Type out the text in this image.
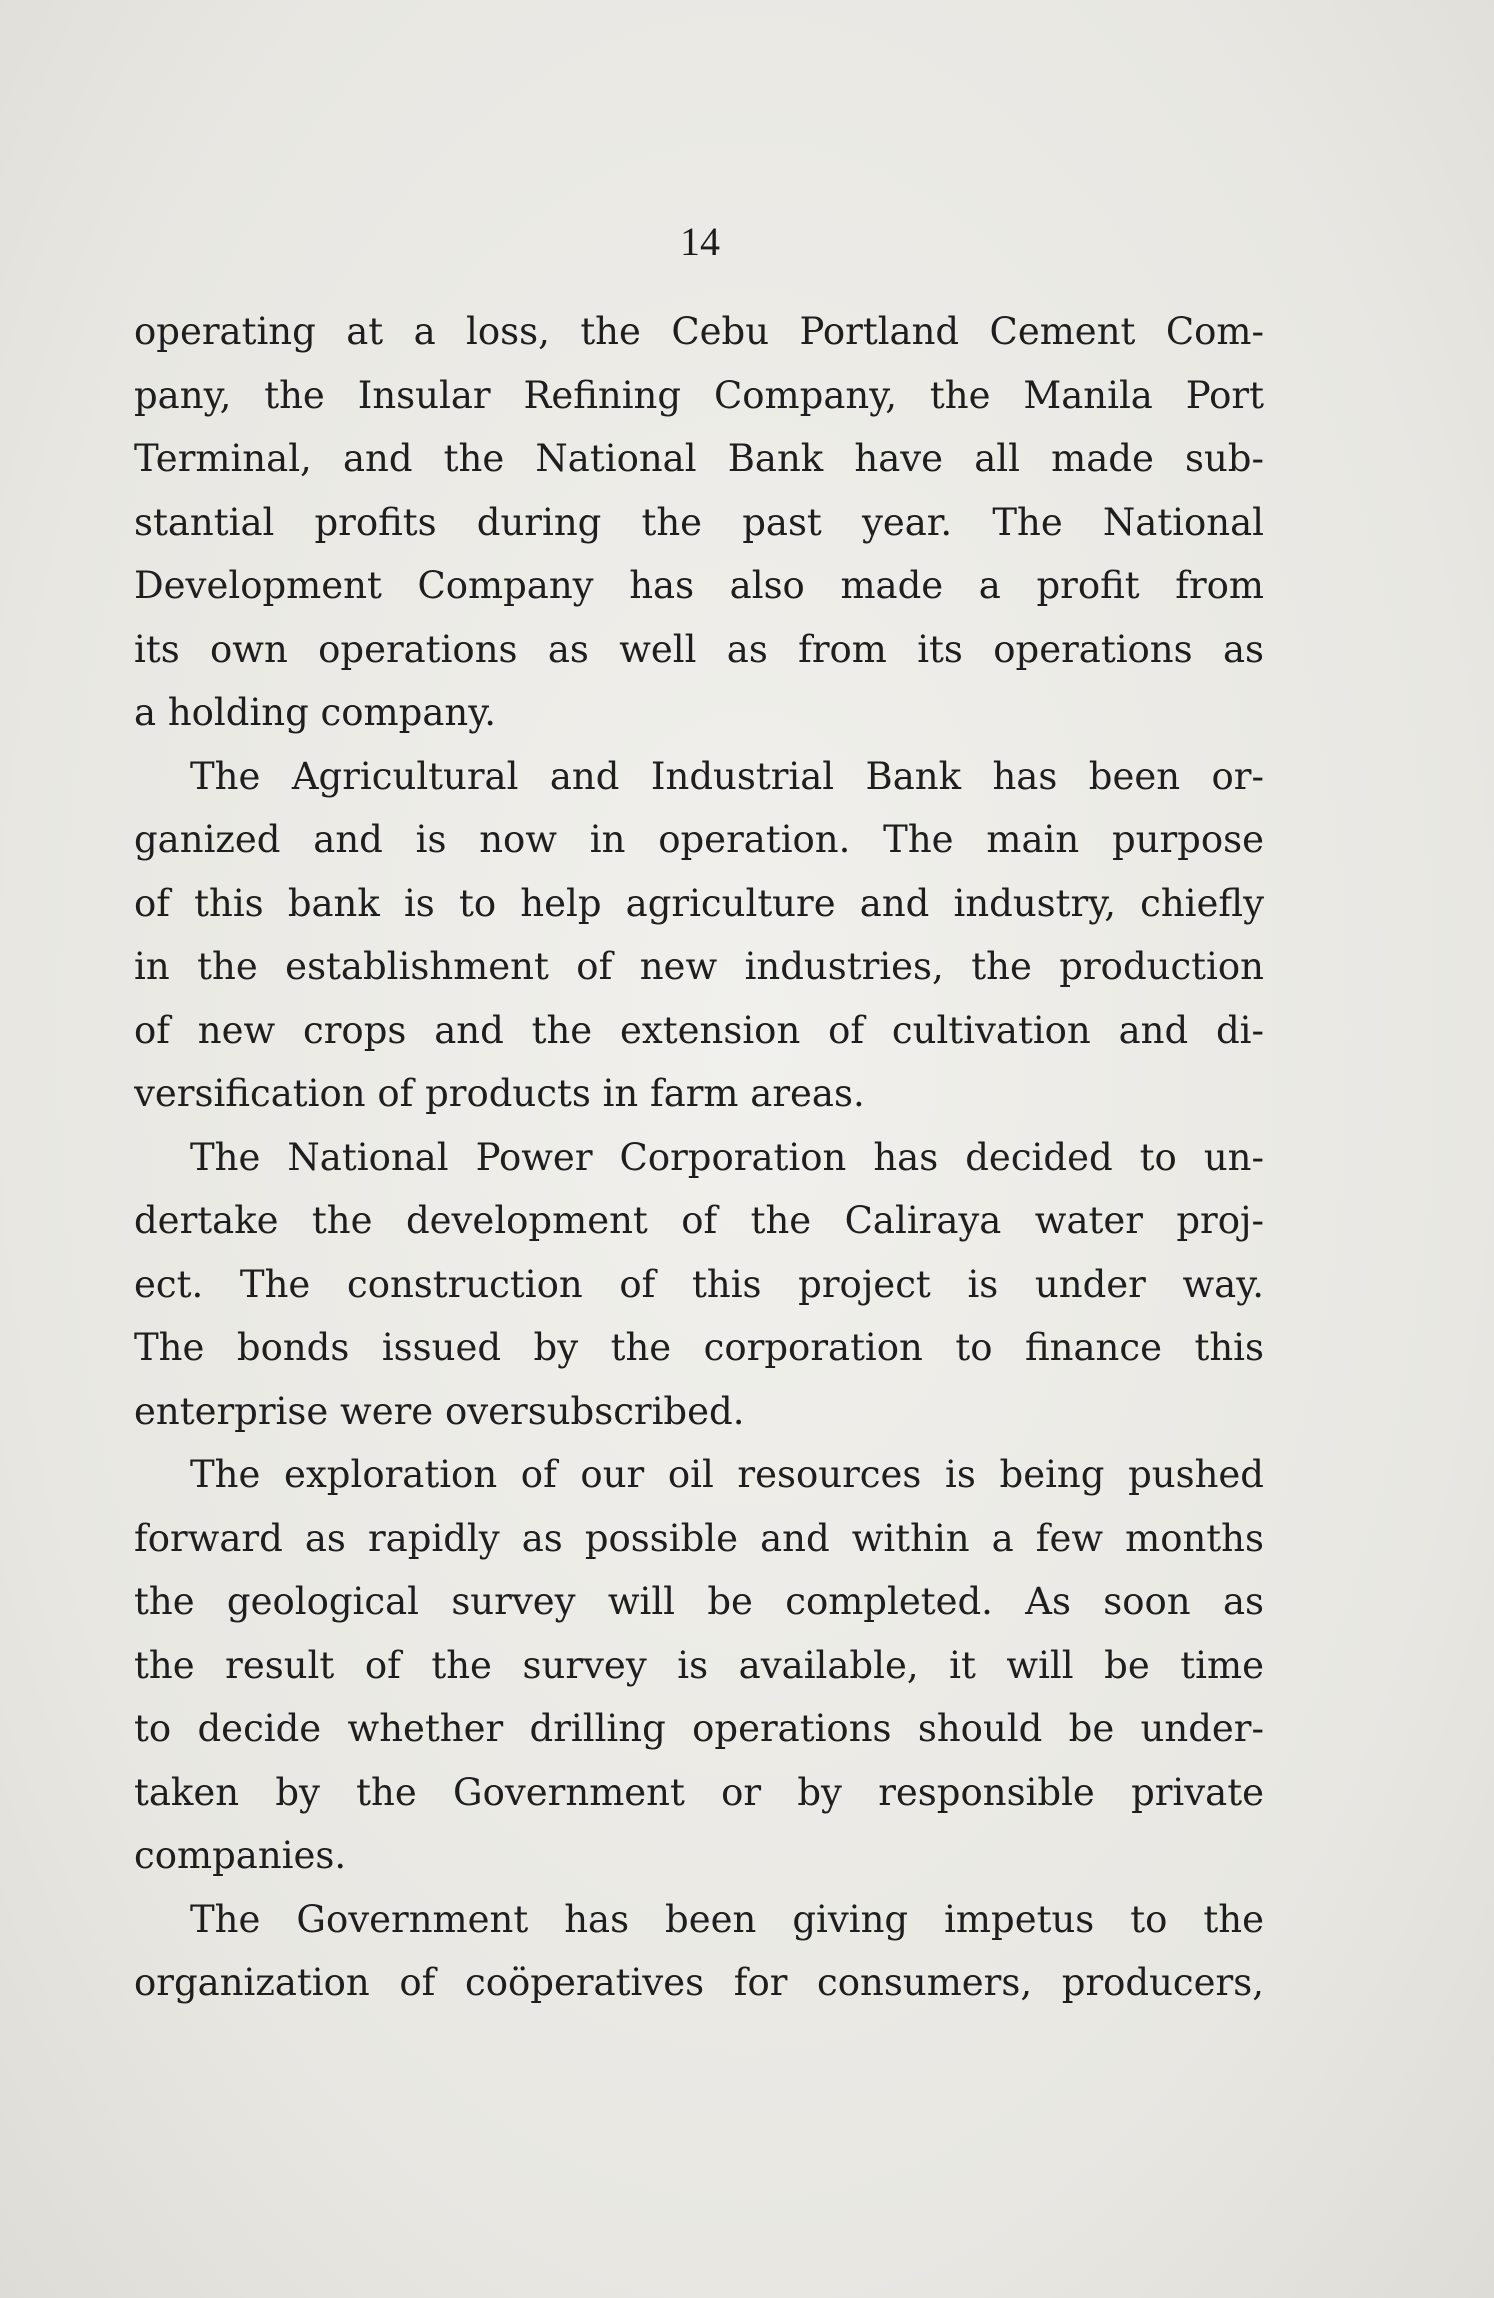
14
operating at a loss, the Cebu Portland Cement Com-
pany, the Insular Refining Company, the Manila Port
Terminal, and the National Bank have all made sub-
stantial profits during the past year. The National
Development Company has also made a profit from
its own operations as well as from its operations as
a holding company.
The Agricultural and Industrial Bank has been or-
ganized and is now in operation. The main purpose
of this bank is to help agriculture and industry, chiefly
in the establishment of new industries, the production
of new crops and the extension of cultivation and di-
versification of products in farm areas.
The National Power Corporation has decided to un-
dertake the development of the Caliraya water proj-
ect. The construction of this project is under way.
The bonds issued by the corporation to finance this
enterprise were oversubscribed.
The exploration of our oil resources is being pushed
forward as rapidly as possible and within a few months
the geological survey will be completed. As soon as
the result of the survey is available, it will be time
to decide whether drilling operations should be under-
taken by the Government or by responsible private
companies.
The Government has been giving impetus to the
organization of coöperatives for consumers, producers,
